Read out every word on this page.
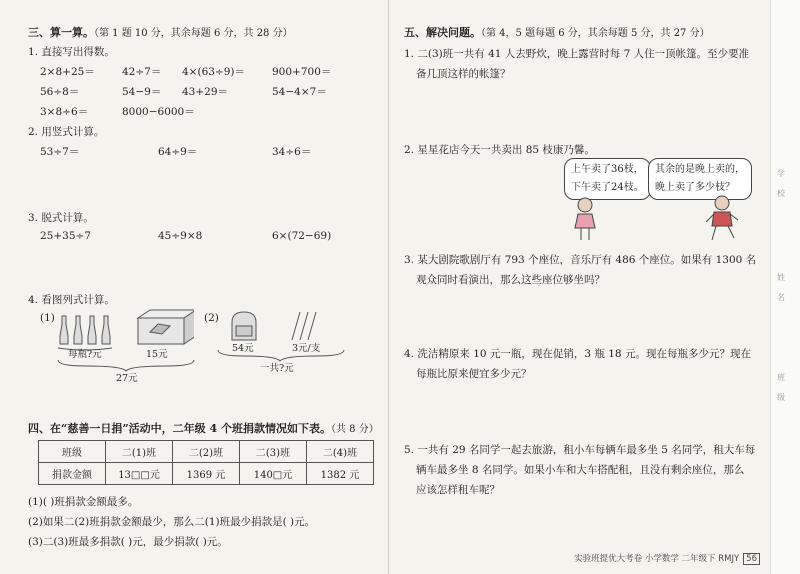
学
校
姓
名
班
级
三、算一算。（第 1 题 10 分，其余每题 6 分，共 28 分）
1. 直接写出得数。
2×8+25＝	42÷7＝ 4×(63÷9)＝	900+700＝
56÷8＝	54−9＝ 43+29＝	54−4×7＝
3×8÷6＝	8000−6000＝
2. 用竖式计算。
53÷7＝	64÷9＝	34÷6＝
3. 脱式计算。
25+35÷7	45÷9×8	6×(72−69)
4. 看图列式计算。
(1)
每瓶?元	15元
27元
(2)
54元	3元/支
一共?元
四、在“慈善一日捐”活动中，二年级 4 个班捐款情况如下表。（共 8 分）
班级	二(1)班	二(2)班	二(3)班	二(4)班
捐款金额	13□□元	1369 元	140□元	1382 元
(1)( )班捐款金额最多。
(2)如果二(2)班捐款金额最少，那么二(1)班最少捐款是( )元。
(3)二(3)班最多捐款( )元，最少捐款( )元。
五、解决问题。（第 4，5 题每题 6 分，其余每题 5 分，共 27 分）
1. 二(3)班一共有 41 人去野炊，晚上露营时每 7 人住一顶帐篷。至少要准
备几顶这样的帐篷？
2. 星星花店今天一共卖出 85 枝康乃馨。
上午卖了36枝，
下午卖了24枝。
其余的是晚上卖的，
晚上卖了多少枝？
3. 某大剧院歌剧厅有 793 个座位，音乐厅有 486 个座位。如果有 1300 名
观众同时看演出，那么这些座位够坐吗？
4. 洗洁精原来 10 元一瓶，现在促销，3 瓶 18 元。现在每瓶多少元？现在
每瓶比原来便宜多少元？
5. 一共有 29 名同学一起去旅游，租小车每辆车最多坐 5 名同学，租大车每
辆车最多坐 8 名同学。如果小车和大车搭配租，且没有剩余座位，那么
应该怎样租车呢？
实验班提优大考卷 小学数学 二年级下 RMJY 56
